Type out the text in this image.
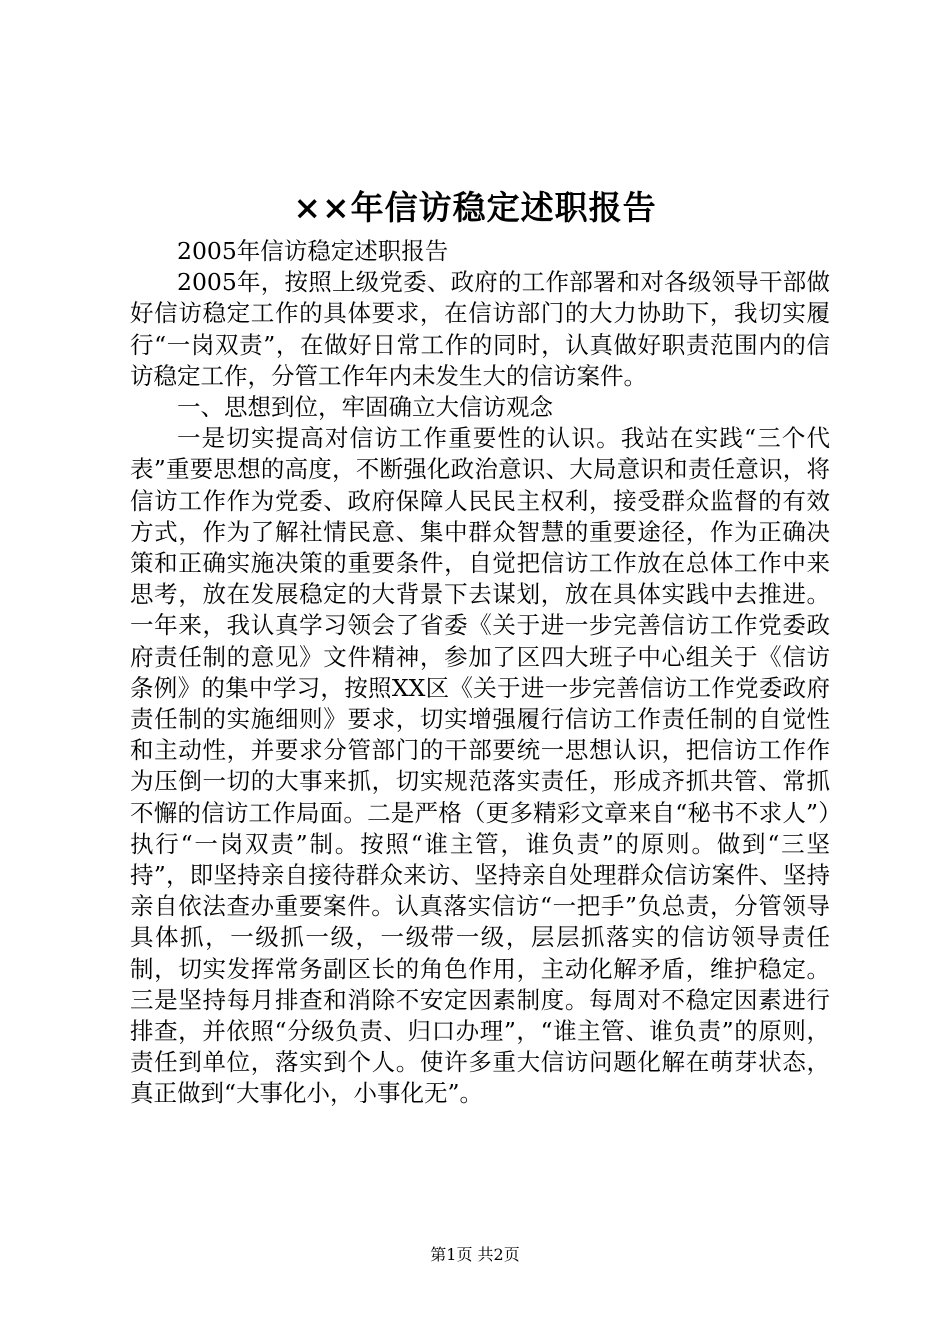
××年信访稳定述职报告

2005年信访稳定述职报告

2005年，按照上级党委、政府的工作部署和对各级领导干部做好信访稳定工作的具体要求，在信访部门的大力协助下，我切实履行“一岗双责”，在做好日常工作的同时，认真做好职责范围内的信访稳定工作，分管工作年内未发生大的信访案件。

一、思想到位，牢固确立大信访观念

一是切实提高对信访工作重要性的认识。我站在实践“三个代表”重要思想的高度，不断强化政治意识、大局意识和责任意识，将信访工作作为党委、政府保障人民民主权利，接受群众监督的有效方式，作为了解社情民意、集中群众智慧的重要途径，作为正确决策和正确实施决策的重要条件，自觉把信访工作放在总体工作中来思考，放在发展稳定的大背景下去谋划，放在具体实践中去推进。一年来，我认真学习领会了省委《关于进一步完善信访工作党委政府责任制的意见》文件精神，参加了区四大班子中心组关于《信访条例》的集中学习，按照XX区《关于进一步完善信访工作党委政府责任制的实施细则》要求，切实增强履行信访工作责任制的自觉性和主动性，并要求分管部门的干部要统一思想认识，把信访工作作为压倒一切的大事来抓，切实规范落实责任，形成齐抓共管、常抓不懈的信访工作局面。二是严格（更多精彩文章来自“秘书不求人”）执行“一岗双责”制。按照“谁主管，谁负责”的原则。做到“三坚持”，即坚持亲自接待群众来访、坚持亲自处理群众信访案件、坚持亲自依法查办重要案件。认真落实信访“一把手”负总责，分管领导具体抓，一级抓一级，一级带一级，层层抓落实的信访领导责任制，切实发挥常务副区长的角色作用，主动化解矛盾，维护稳定。三是坚持每月排查和消除不安定因素制度。每周对不稳定因素进行排查，并依照“分级负责、归口办理”，“谁主管、谁负责”的原则，责任到单位，落实到个人。使许多重大信访问题化解在萌芽状态，真正做到“大事化小，小事化无”。

第1页 共2页
